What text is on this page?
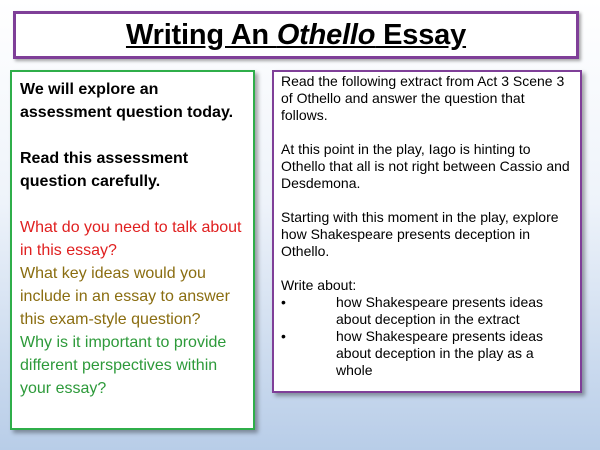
Writing An Othello Essay
We will explore an assessment question today.
Read this assessment question carefully.
What do you need to talk about in this essay?
What key ideas would you include in an essay to answer this exam-style question?
Why is it important to provide different perspectives within your essay?

Read the following extract from Act 3 Scene 3 of Othello and answer the question that follows.

At this point in the play, Iago is hinting to Othello that all is not right between Cassio and Desdemona.

Starting with this moment in the play, explore how Shakespeare presents deception in Othello.

Write about:

•	how Shakespeare presents ideas about deception in the extract
•	how Shakespeare presents ideas about deception in the play as a whole
